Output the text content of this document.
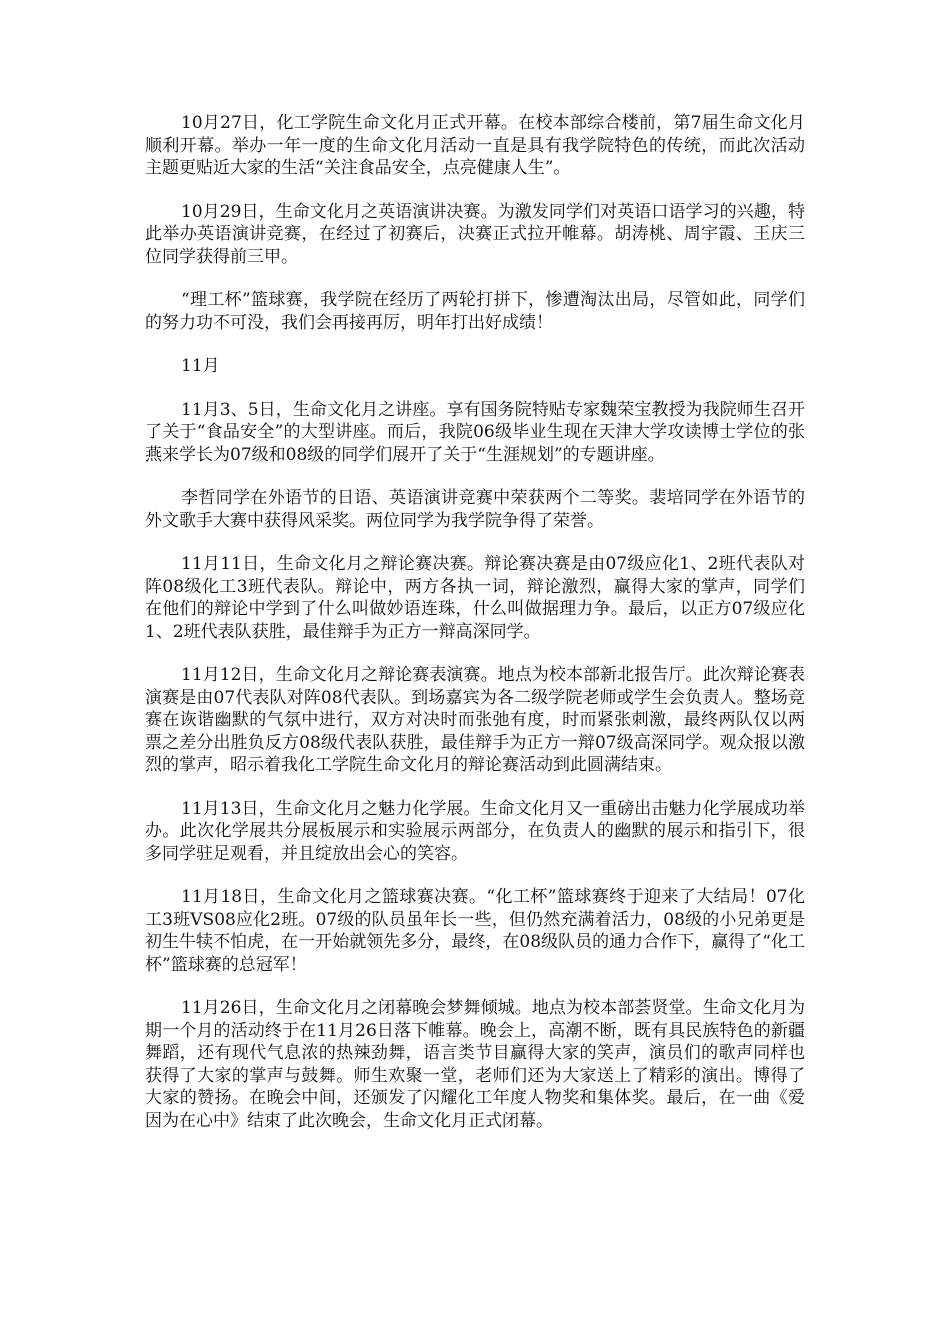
10月27日，化工学院生命文化月正式开幕。在校本部综合楼前，第7届生命文化月顺利开幕。举办一年一度的生命文化月活动一直是具有我学院特色的传统，而此次活动主题更贴近大家的生活“关注食品安全，点亮健康人生”。

10月29日，生命文化月之英语演讲决赛。为激发同学们对英语口语学习的兴趣，特此举办英语演讲竞赛，在经过了初赛后，决赛正式拉开帷幕。胡涛桃、周宇霞、王庆三位同学获得前三甲。

“理工杯”篮球赛，我学院在经历了两轮打拼下，惨遭淘汰出局，尽管如此，同学们的努力功不可没，我们会再接再厉，明年打出好成绩！

11月

11月3、5日，生命文化月之讲座。享有国务院特贴专家魏荣宝教授为我院师生召开了关于“食品安全”的大型讲座。而后，我院06级毕业生现在天津大学攻读博士学位的张燕来学长为07级和08级的同学们展开了关于“生涯规划”的专题讲座。

李哲同学在外语节的日语、英语演讲竞赛中荣获两个二等奖。裴培同学在外语节的外文歌手大赛中获得风采奖。两位同学为我学院争得了荣誉。

11月11日，生命文化月之辩论赛决赛。辩论赛决赛是由07级应化1、2班代表队对阵08级化工3班代表队。辩论中，两方各执一词，辩论激烈，赢得大家的掌声，同学们在他们的辩论中学到了什么叫做妙语连珠，什么叫做据理力争。最后，以正方07级应化1、2班代表队获胜，最佳辩手为正方一辩高深同学。

11月12日，生命文化月之辩论赛表演赛。地点为校本部新北报告厅。此次辩论赛表演赛是由07代表队对阵08代表队。到场嘉宾为各二级学院老师或学生会负责人。整场竞赛在诙谐幽默的气氛中进行，双方对决时而张弛有度，时而紧张刺激，最终两队仅以两票之差分出胜负反方08级代表队获胜，最佳辩手为正方一辩07级高深同学。观众报以激烈的掌声，昭示着我化工学院生命文化月的辩论赛活动到此圆满结束。

11月13日，生命文化月之魅力化学展。生命文化月又一重磅出击魅力化学展成功举办。此次化学展共分展板展示和实验展示两部分，在负责人的幽默的展示和指引下，很多同学驻足观看，并且绽放出会心的笑容。

11月18日，生命文化月之篮球赛决赛。“化工杯”篮球赛终于迎来了大结局！07化工3班VS08应化2班。07级的队员虽年长一些，但仍然充满着活力，08级的小兄弟更是初生牛犊不怕虎，在一开始就领先多分，最终，在08级队员的通力合作下，赢得了“化工杯”篮球赛的总冠军！

11月26日，生命文化月之闭幕晚会梦舞倾城。地点为校本部荟贤堂。生命文化月为期一个月的活动终于在11月26日落下帷幕。晚会上，高潮不断，既有具民族特色的新疆舞蹈，还有现代气息浓的热辣劲舞，语言类节目赢得大家的笑声，演员们的歌声同样也获得了大家的掌声与鼓舞。师生欢聚一堂，老师们还为大家送上了精彩的演出。博得了大家的赞扬。在晚会中间，还颁发了闪耀化工年度人物奖和集体奖。最后，在一曲《爱因为在心中》结束了此次晚会，生命文化月正式闭幕。
